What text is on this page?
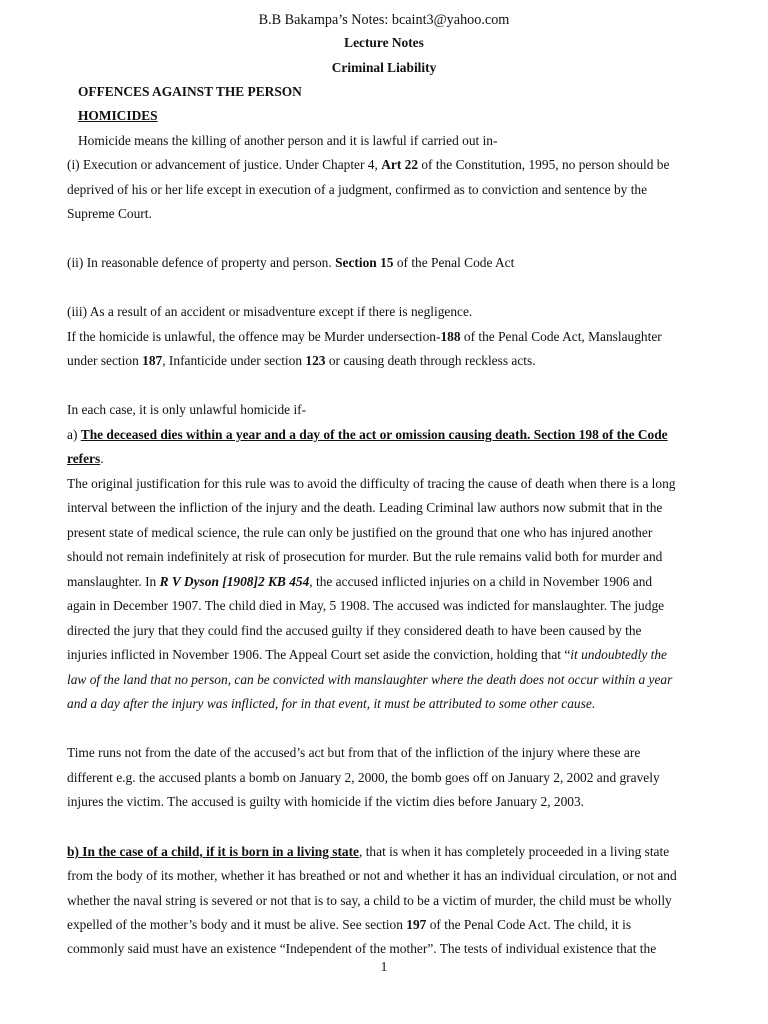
B.B Bakampa’s Notes: bcaint3@yahoo.com
Lecture Notes
Criminal Liability
OFFENCES AGAINST THE PERSON
HOMICIDES
Homicide means the killing of another person and it is lawful if carried out in-
(i) Execution or advancement of justice. Under Chapter 4, Art 22 of the Constitution, 1995, no person should be
deprived of his or her life except in execution of a judgment, confirmed as to conviction and sentence by the
Supreme Court.
(ii) In reasonable defence of property and person. Section 15 of the Penal Code Act
(iii) As a result of an accident or misadventure except if there is negligence.
If the homicide is unlawful, the offence may be Murder undersection-188 of the Penal Code Act, Manslaughter
under section 187, Infanticide under section 123 or causing death through reckless acts.
In each case, it is only unlawful homicide if-
a) The deceased dies within a year and a day of the act or omission causing death. Section 198 of the Code
refers.
The original justification for this rule was to avoid the difficulty of tracing the cause of death when there is a long
interval between the infliction of the injury and the death. Leading Criminal law authors now submit that in the
present state of medical science, the rule can only be justified on the ground that one who has injured another
should not remain indefinitely at risk of prosecution for murder. But the rule remains valid both for murder and
manslaughter. In R V Dyson [1908]2 KB 454, the accused inflicted injuries on a child in November 1906 and
again in December 1907. The child died in May, 5 1908. The accused was indicted for manslaughter. The judge
directed the jury that they could find the accused guilty if they considered death to have been caused by the
injuries inflicted in November 1906. The Appeal Court set aside the conviction, holding that “it undoubtedly the
law of the land that no person, can be convicted with manslaughter where the death does not occur within a year
and a day after the injury was inflicted, for in that event, it must be attributed to some other cause.
Time runs not from the date of the accused’s act but from that of the infliction of the injury where these are
different e.g. the accused plants a bomb on January 2, 2000, the bomb goes off on January 2, 2002 and gravely
injures the victim. The accused is guilty with homicide if the victim dies before January 2, 2003.
b) In the case of a child, if it is born in a living state, that is when it has completely proceeded in a living state
from the body of its mother, whether it has breathed or not and whether it has an individual circulation, or not and
whether the naval string is severed or not that is to say, a child to be a victim of murder, the child must be wholly
expelled of the mother’s body and it must be alive. See section 197 of the Penal Code Act. The child, it is
commonly said must have an existence “Independent of the mother”. The tests of individual existence that the
1
